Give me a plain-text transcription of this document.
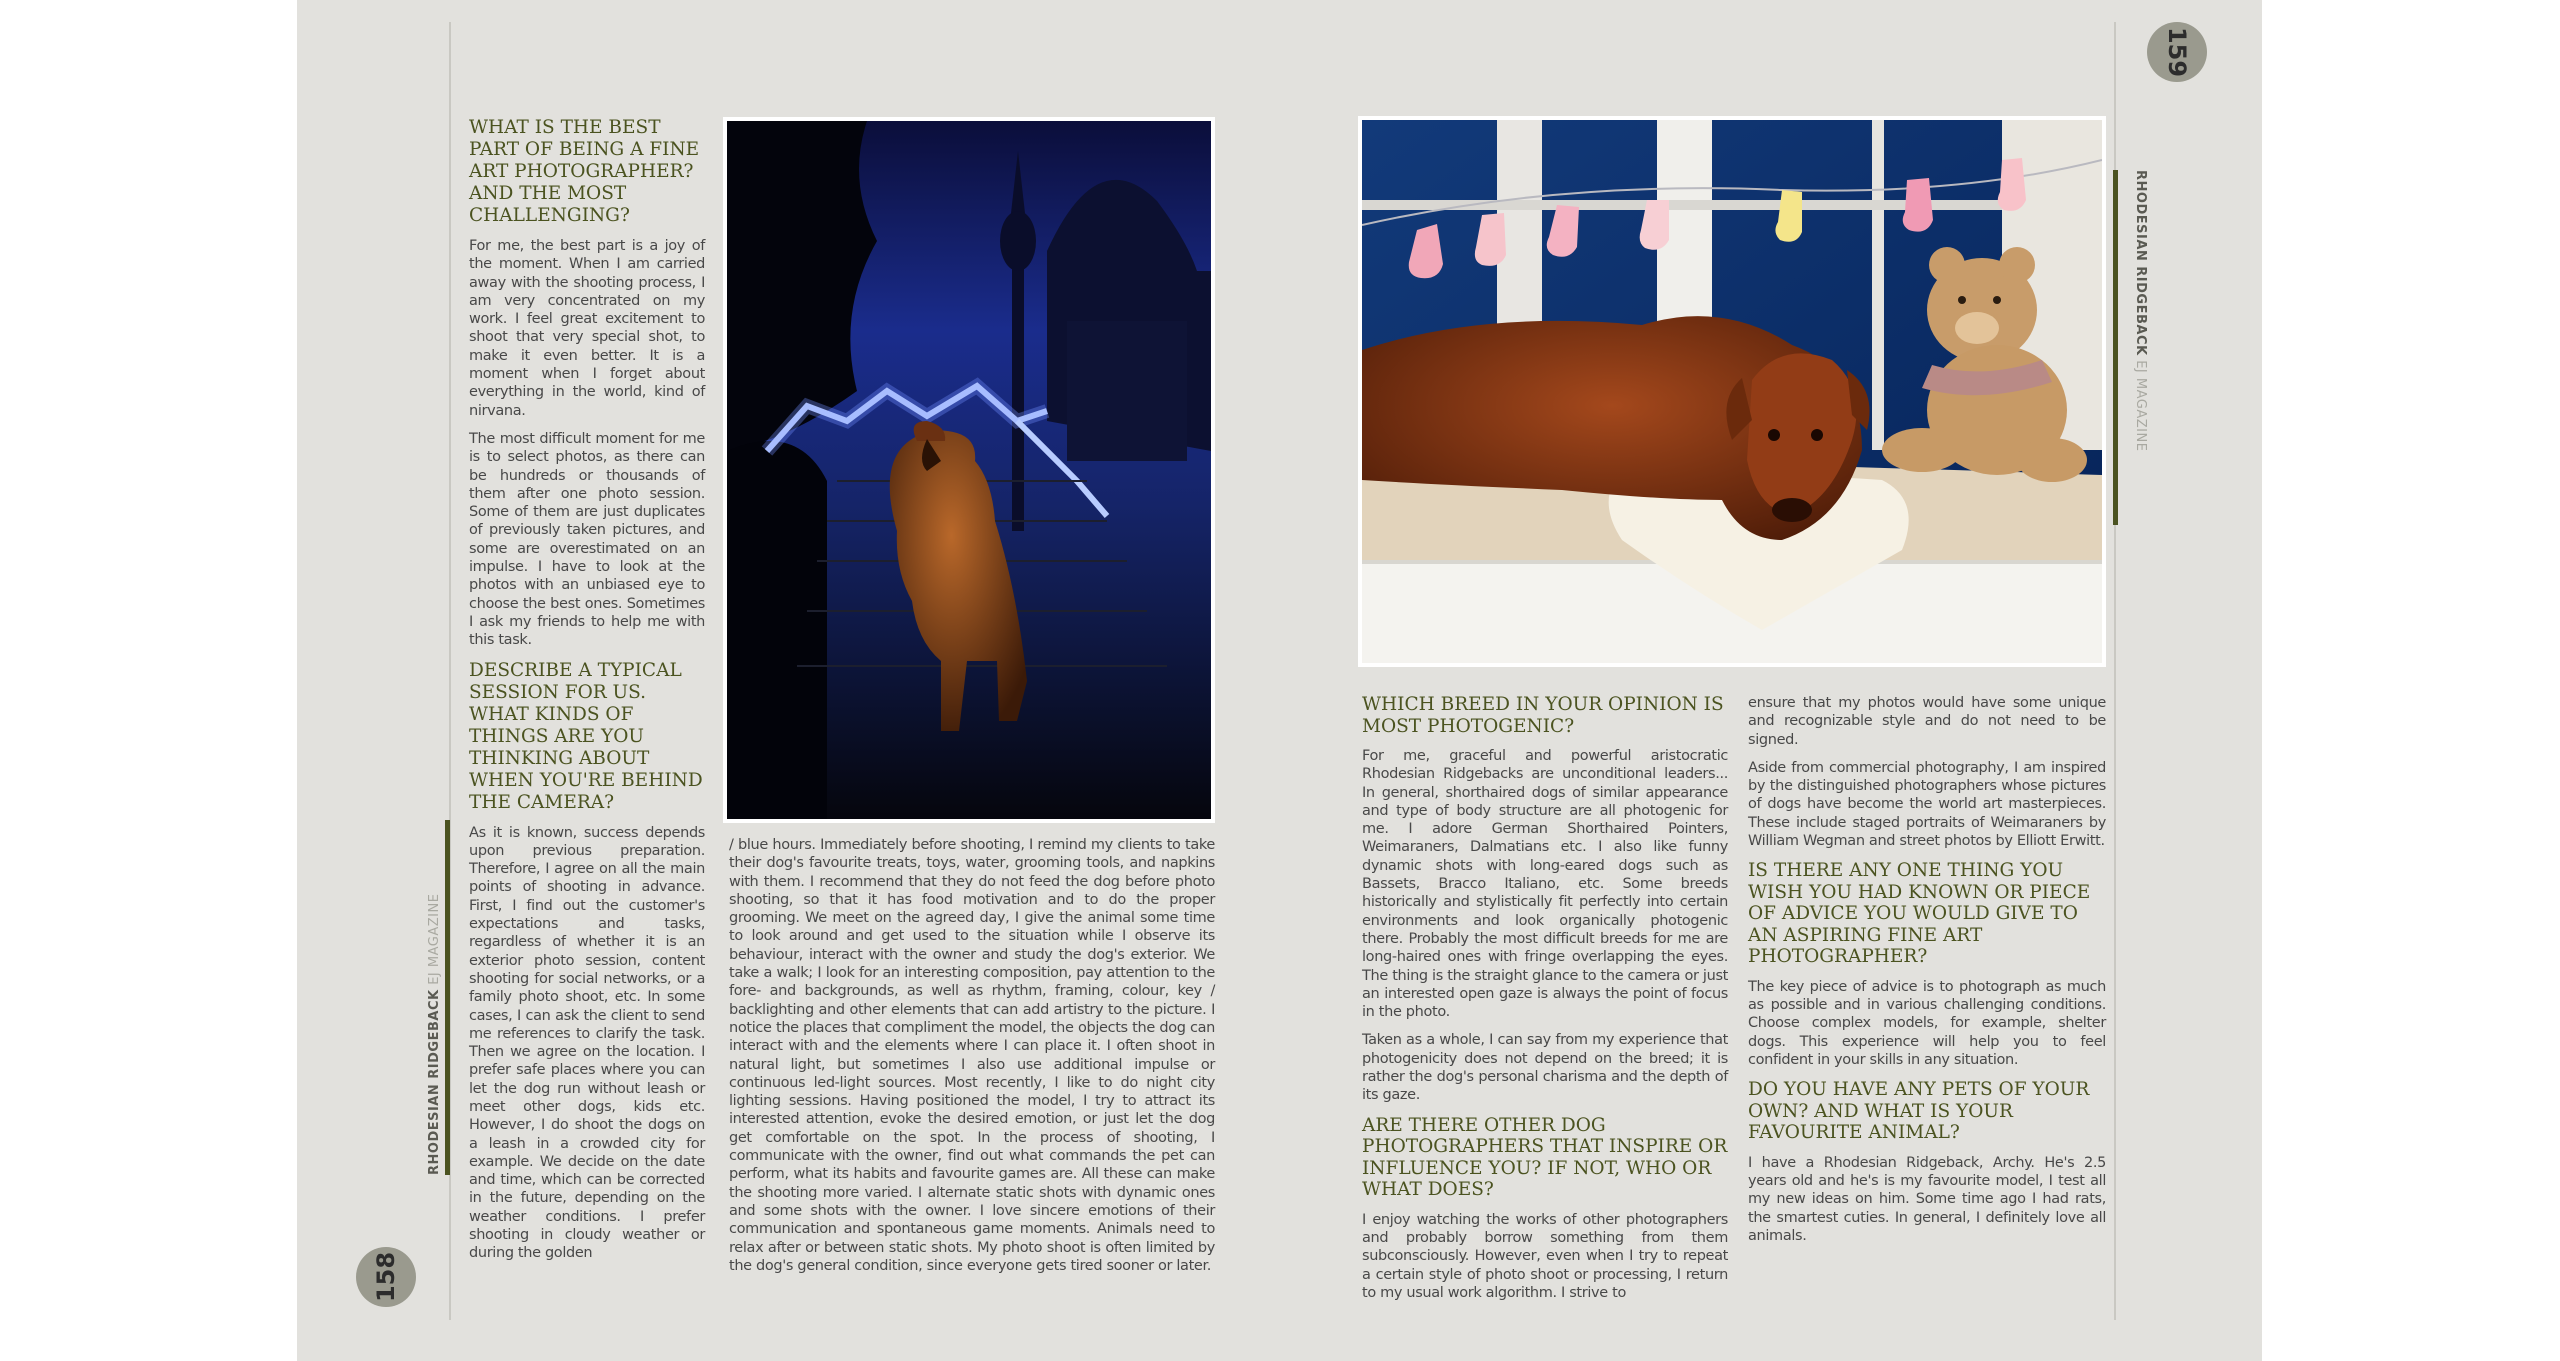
RHODESIAN RIDGEBACK EJ MAGAZINE
158
WHAT IS THE BEST PART OF BEING A FINE ART PHOTOGRAPHER? AND THE MOST CHALLENGING?

For me, the best part is a joy of the moment. When I am carried away with the shooting process, I am very concentrated on my work. I feel great excitement to shoot that very special shot, to make it even better. It is a moment when I forget about everything in the world, kind of nirvana.

The most difficult moment for me is to select photos, as there can be hundreds or thousands of them after one photo session. Some of them are just duplicates of previously taken pictures, and some are overestimated on an impulse. I have to look at the photos with an unbiased eye to choose the best ones. Sometimes I ask my friends to help me with this task.

DESCRIBE A TYPICAL SESSION FOR US. WHAT KINDS OF THINGS ARE YOU THINKING ABOUT WHEN YOU'RE BEHIND THE CAMERA?

As it is known, success depends upon previous preparation. Therefore, I agree on all the main points of shooting in advance. First, I find out the customer's expectations and tasks, regardless of whether it is an exterior photo session, content shooting for social networks, or a family photo shoot, etc. In some cases, I can ask the client to send me references to clarify the task. Then we agree on the location. I prefer safe places where you can let the dog run without leash or meet other dogs, kids etc. However, I do shoot the dogs on a leash in a crowded city for example. We decide on the date and time, which can be corrected in the future, depending on the weather conditions. I prefer shooting in cloudy weather or during the golden

/ blue hours. Immediately before shooting, I remind my clients to take their dog's favourite treats, toys, water, grooming tools, and napkins with them. I recommend that they do not feed the dog before photo shooting, so that it has food motivation and to do the proper grooming. We meet on the agreed day, I give the animal some time to look around and get used to the situation while I observe its behaviour, interact with the owner and study the dog's exterior. We take a walk; I look for an interesting composition, pay attention to the fore- and backgrounds, as well as rhythm, framing, colour, key / backlighting and other elements that can add artistry to the picture. I notice the places that compliment the model, the objects the dog can interact with and the elements where I can place it. I often shoot in natural light, but sometimes I also use additional impulse or continuous led-light sources. Most recently, I like to do night city lighting sessions. Having positioned the model, I try to attract its interested attention, evoke the desired emotion, or just let the dog get comfortable on the spot. In the process of shooting, I communicate with the owner, find out what commands the pet can perform, what its habits and favourite games are. All these can make the shooting more varied. I alternate static shots with dynamic ones and some shots with the owner. I love sincere emotions of their communication and spontaneous game moments. Animals need to relax after or between static shots. My photo shoot is often limited by the dog's general condition, since everyone gets tired sooner or later.

RHODESIAN RIDGEBACK EJ MAGAZINE
159
WHICH BREED IN YOUR OPINION IS MOST PHOTOGENIC?

For me, graceful and powerful aristocratic Rhodesian Ridgebacks are unconditional leaders... In general, shorthaired dogs of similar appearance and type of body structure are all photogenic for me. I adore German Shorthaired Pointers, Weimaraners, Dalmatians etc. I also like funny dynamic shots with long-eared dogs such as Bassets, Bracco Italiano, etc. Some breeds historically and stylistically fit perfectly into certain environments and look organically photogenic there. Probably the most difficult breeds for me are long-haired ones with fringe overlapping the eyes. The thing is the straight glance to the camera or just an interested open gaze is always the point of focus in the photo.

Taken as a whole, I can say from my experience that photogenicity does not depend on the breed; it is rather the dog's personal charisma and the depth of its gaze.

ARE THERE OTHER DOG PHOTOGRAPHERS THAT INSPIRE OR INFLUENCE YOU? IF NOT, WHO OR WHAT DOES?

I enjoy watching the works of other photographers and probably borrow something from them subconsciously. However, even when I try to repeat a certain style of photo shoot or processing, I return to my usual work algorithm. I strive to

ensure that my photos would have some unique and recognizable style and do not need to be signed.

Aside from commercial photography, I am inspired by the distinguished photographers whose pictures of dogs have become the world art masterpieces. These include staged portraits of Weimaraners by William Wegman and street photos by Elliott Erwitt.

IS THERE ANY ONE THING YOU WISH YOU HAD KNOWN OR PIECE OF ADVICE YOU WOULD GIVE TO AN ASPIRING FINE ART PHOTOGRAPHER?

The key piece of advice is to photograph as much as possible and in various challenging conditions. Choose complex models, for example, shelter dogs. This experience will help you to feel confident in your skills in any situation.

DO YOU HAVE ANY PETS OF YOUR OWN? AND WHAT IS YOUR FAVOURITE ANIMAL?

I have a Rhodesian Ridgeback, Archy. He's 2.5 years old and he's is my favourite model, I test all my new ideas on him. Some time ago I had rats, the smartest cuties. In general, I definitely love all animals.
